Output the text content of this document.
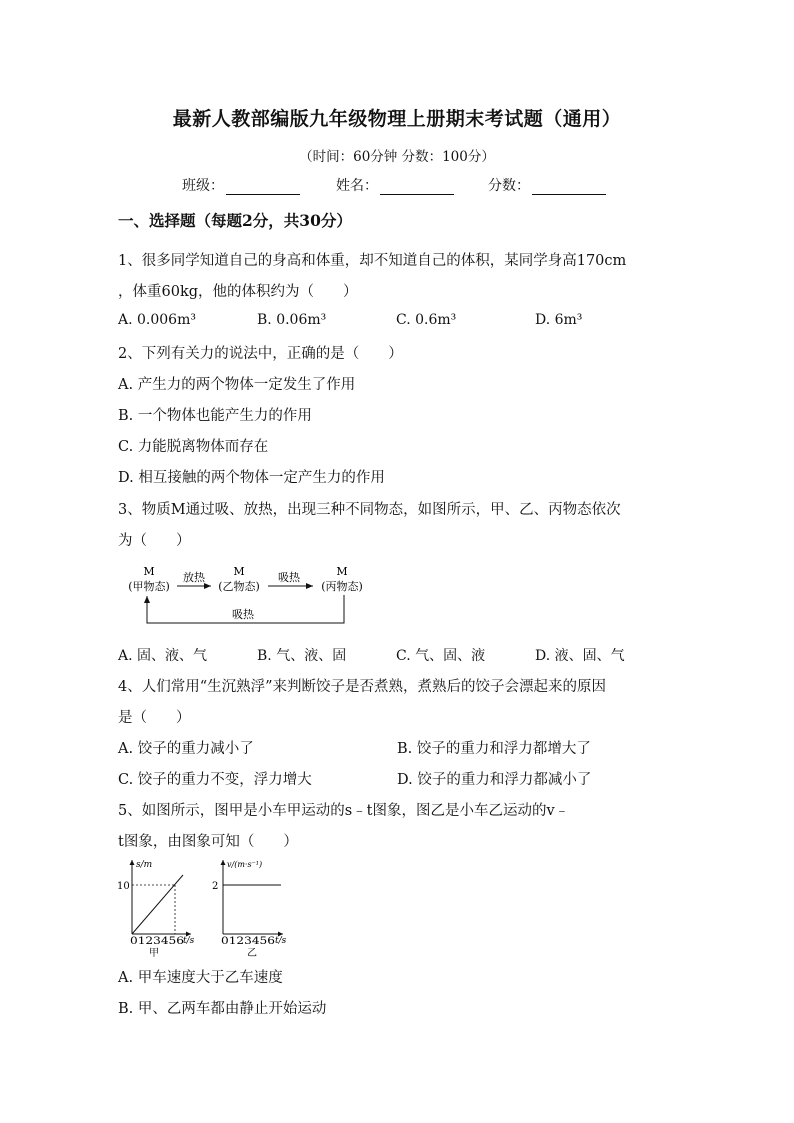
最新人教部编版九年级物理上册期末考试题（通用）
（时间：60分钟 分数：100分）
班级：	姓名：	分数：
一、选择题（每题2分，共30分）
1、很多同学知道自己的身高和体重，却不知道自己的体积，某同学身高170cm
，体重60kg，他的体积约为（　　）
A. 0.006m³	B. 0.06m³	C. 0.6m³	D. 6m³
2、下列有关力的说法中，正确的是（　　）
A. 产生力的两个物体一定发生了作用
B. 一个物体也能产生力的作用
C. 力能脱离物体而存在
D. 相互接触的两个物体一定产生力的作用
3、物质M通过吸、放热，出现三种不同物态，如图所示，甲、乙、丙物态依次
为（　　）
M	M	M
(甲物态)	(乙物态)	(丙物态)
放热	吸热
吸热
A. 固、液、气	B. 气、液、固	C. 气、固、液	D. 液、固、气
4、人们常用“生沉熟浮”来判断饺子是否煮熟，煮熟后的饺子会漂起来的原因
是（　　）
A. 饺子的重力减小了	B. 饺子的重力和浮力都增大了
C. 饺子的重力不变，浮力增大	D. 饺子的重力和浮力都减小了
5、如图所示，图甲是小车甲运动的s﹣t图象，图乙是小车乙运动的v﹣
t图象，由图象可知（　　）
s/m
10
0123456 t/s
甲
v/(m·s⁻¹)
2
0123456 t/s
乙
A. 甲车速度大于乙车速度
B. 甲、乙两车都由静止开始运动
